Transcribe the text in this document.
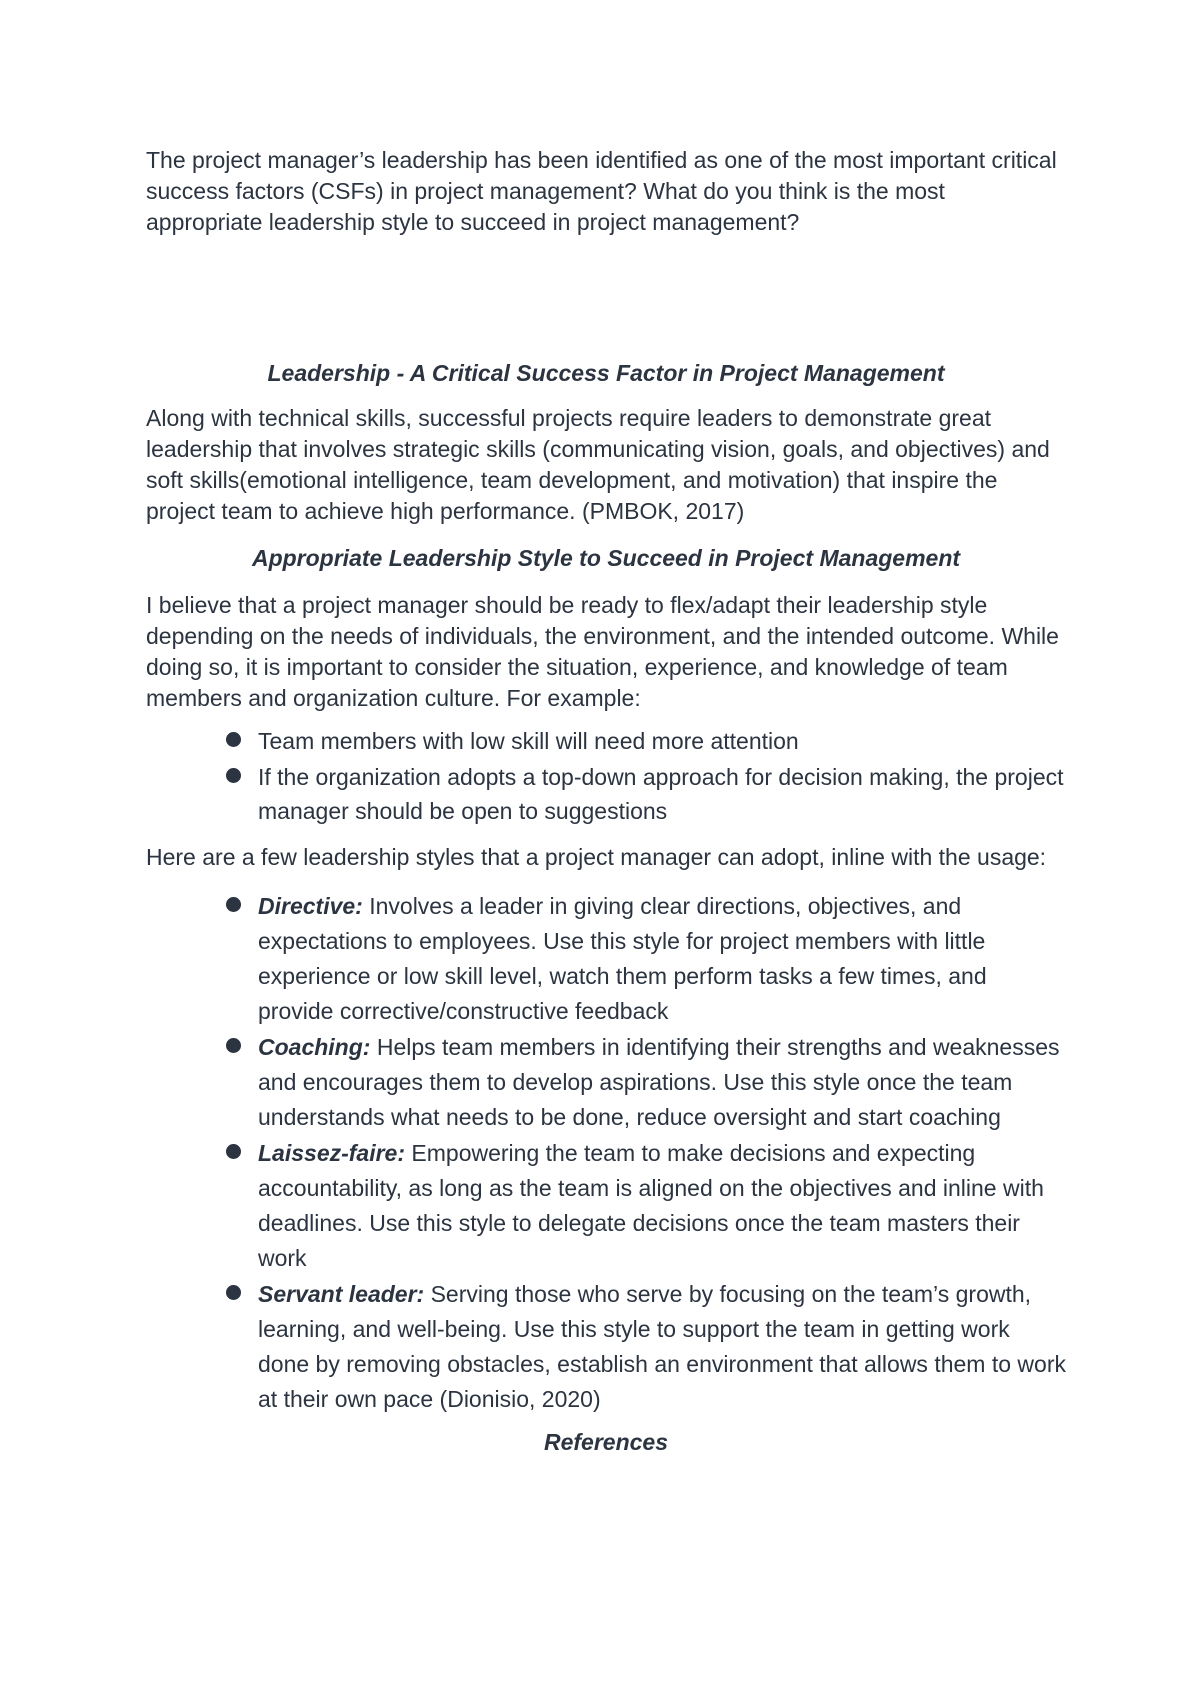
The project manager’s leadership has been identified as one of the most important critical success factors (CSFs) in project management? What do you think is the most appropriate leadership style to succeed in project management?

Leadership - A Critical Success Factor in Project Management

Along with technical skills, successful projects require leaders to demonstrate great leadership that involves strategic skills (communicating vision, goals, and objectives) and soft skills(emotional intelligence, team development, and motivation) that inspire the project team to achieve high performance. (PMBOK, 2017)

Appropriate Leadership Style to Succeed in Project Management

I believe that a project manager should be ready to flex/adapt their leadership style depending on the needs of individuals, the environment, and the intended outcome. While doing so, it is important to consider the situation, experience, and knowledge of team members and organization culture. For example:

Team members with low skill will need more attention
If the organization adopts a top-down approach for decision making, the project manager should be open to suggestions

Here are a few leadership styles that a project manager can adopt, inline with the usage:

Directive: Involves a leader in giving clear directions, objectives, and expectations to employees. Use this style for project members with little experience or low skill level, watch them perform tasks a few times, and provide corrective/constructive feedback
Coaching: Helps team members in identifying their strengths and weaknesses and encourages them to develop aspirations. Use this style once the team understands what needs to be done, reduce oversight and start coaching
Laissez-faire: Empowering the team to make decisions and expecting accountability, as long as the team is aligned on the objectives and inline with deadlines. Use this style to delegate decisions once the team masters their work
Servant leader: Serving those who serve by focusing on the team’s growth, learning, and well-being. Use this style to support the team in getting work done by removing obstacles, establish an environment that allows them to work at their own pace (Dionisio, 2020)
References
